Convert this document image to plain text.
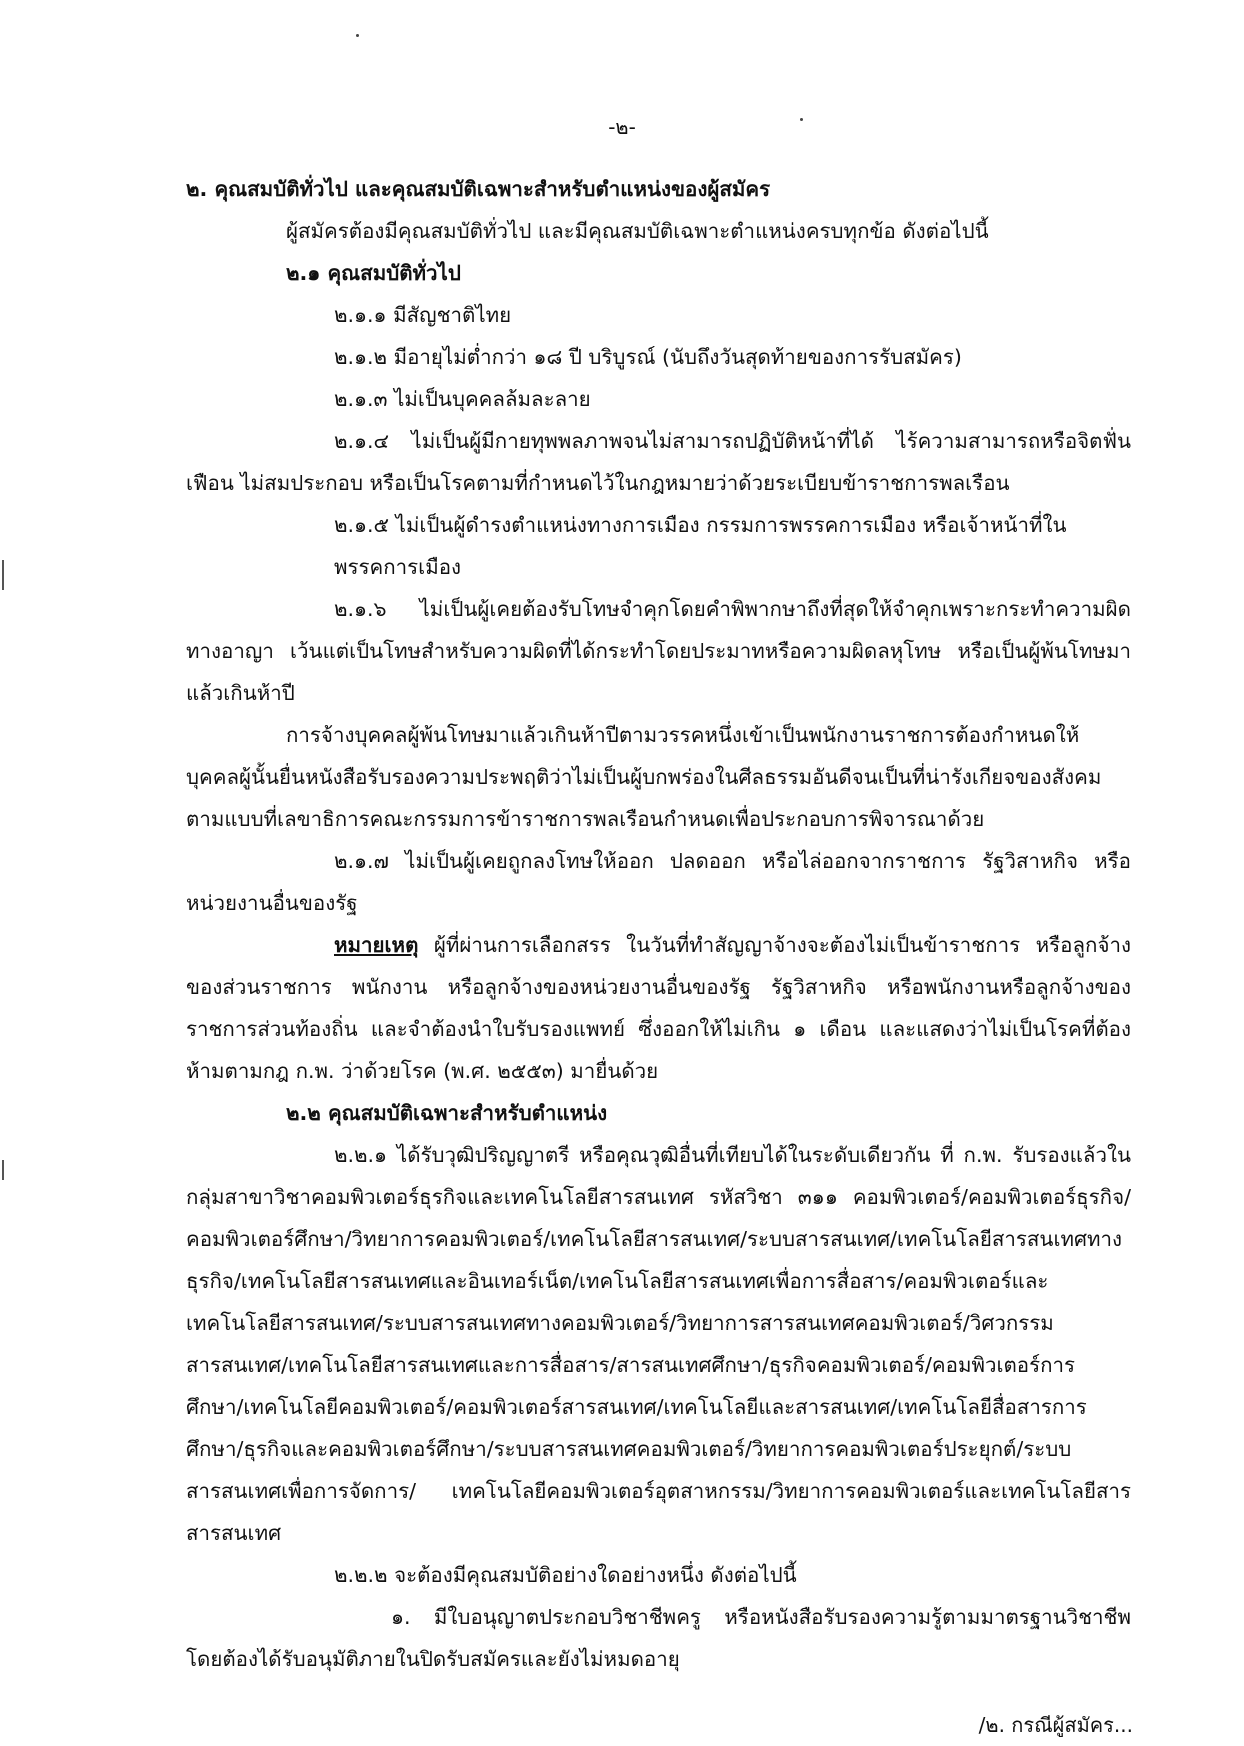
-๒-

๒. คุณสมบัติทั่วไป และคุณสมบัติเฉพาะสำหรับตำแหน่งของผู้สมัคร

ผู้สมัครต้องมีคุณสมบัติทั่วไป และมีคุณสมบัติเฉพาะตำแหน่งครบทุกข้อ ดังต่อไปนี้

๒.๑ คุณสมบัติทั่วไป

๒.๑.๑ มีสัญชาติไทย

๒.๑.๒ มีอายุไม่ต่ำกว่า ๑๘ ปี บริบูรณ์ (นับถึงวันสุดท้ายของการรับสมัคร)

๒.๑.๓ ไม่เป็นบุคคลล้มละลาย

๒.๑.๔ ไม่เป็นผู้มีกายทุพพลภาพจนไม่สามารถปฏิบัติหน้าที่ได้ ไร้ความสามารถหรือจิตฟั่นเฟือน ไม่สมประกอบ หรือเป็นโรคตามที่กำหนดไว้ในกฎหมายว่าด้วยระเบียบข้าราชการพลเรือน

๒.๑.๕ ไม่เป็นผู้ดำรงตำแหน่งทางการเมือง กรรมการพรรคการเมือง หรือเจ้าหน้าที่ในพรรคการเมือง

๒.๑.๖ ไม่เป็นผู้เคยต้องรับโทษจำคุกโดยคำพิพากษาถึงที่สุดให้จำคุกเพราะกระทำความผิดทางอาญา เว้นแต่เป็นโทษสำหรับความผิดที่ได้กระทำโดยประมาทหรือความผิดลหุโทษ หรือเป็นผู้พ้นโทษมาแล้วเกินห้าปี

การจ้างบุคคลผู้พ้นโทษมาแล้วเกินห้าปีตามวรรคหนึ่งเข้าเป็นพนักงานราชการต้องกำหนดให้บุคคลผู้นั้นยื่นหนังสือรับรองความประพฤติว่าไม่เป็นผู้บกพร่องในศีลธรรมอันดีจนเป็นที่น่ารังเกียจของสังคม ตามแบบที่เลขาธิการคณะกรรมการข้าราชการพลเรือนกำหนดเพื่อประกอบการพิจารณาด้วย

๒.๑.๗ ไม่เป็นผู้เคยถูกลงโทษให้ออก ปลดออก หรือไล่ออกจากราชการ รัฐวิสาหกิจ หรือหน่วยงานอื่นของรัฐ

หมายเหตุ ผู้ที่ผ่านการเลือกสรร ในวันที่ทำสัญญาจ้างจะต้องไม่เป็นข้าราชการ หรือลูกจ้างของส่วนราชการ พนักงาน หรือลูกจ้างของหน่วยงานอื่นของรัฐ รัฐวิสาหกิจ หรือพนักงานหรือลูกจ้างของราชการส่วนท้องถิ่น และจำต้องนำใบรับรองแพทย์ ซึ่งออกให้ไม่เกิน ๑ เดือน และแสดงว่าไม่เป็นโรคที่ต้องห้ามตามกฎ ก.พ. ว่าด้วยโรค (พ.ศ. ๒๕๕๓) มายื่นด้วย

๒.๒ คุณสมบัติเฉพาะสำหรับตำแหน่ง

๒.๒.๑ ได้รับวุฒิปริญญาตรี หรือคุณวุฒิอื่นที่เทียบได้ในระดับเดียวกัน ที่ ก.พ. รับรองแล้วในกลุ่มสาขาวิชาคอมพิวเตอร์ธุรกิจและเทคโนโลยีสารสนเทศ รหัสวิชา ๓๑๑ คอมพิวเตอร์/คอมพิวเตอร์ธุรกิจ/คอมพิวเตอร์ศึกษา/วิทยาการคอมพิวเตอร์/เทคโนโลยีสารสนเทศ/ระบบสารสนเทศ/เทคโนโลยีสารสนเทศทางธุรกิจ/เทคโนโลยีสารสนเทศและอินเทอร์เน็ต/เทคโนโลยีสารสนเทศเพื่อการสื่อสาร/คอมพิวเตอร์และเทคโนโลยีสารสนเทศ/ระบบสารสนเทศทางคอมพิวเตอร์/วิทยาการสารสนเทศคอมพิวเตอร์/วิศวกรรมสารสนเทศ/เทคโนโลยีสารสนเทศและการสื่อสาร/สารสนเทศศึกษา/ธุรกิจคอมพิวเตอร์/คอมพิวเตอร์การศึกษา/เทคโนโลยีคอมพิวเตอร์/คอมพิวเตอร์สารสนเทศ/เทคโนโลยีและสารสนเทศ/เทคโนโลยีสื่อสารการศึกษา/ธุรกิจและคอมพิวเตอร์ศึกษา/ระบบสารสนเทศคอมพิวเตอร์/วิทยาการคอมพิวเตอร์ประยุกต์/ระบบสารสนเทศเพื่อการจัดการ/ เทคโนโลยีคอมพิวเตอร์อุตสาหกรรม/วิทยาการคอมพิวเตอร์และเทคโนโลยีสารสารสนเทศ

๒.๒.๒ จะต้องมีคุณสมบัติอย่างใดอย่างหนึ่ง ดังต่อไปนี้

๑. มีใบอนุญาตประกอบวิชาชีพครู หรือหนังสือรับรองความรู้ตามมาตรฐานวิชาชีพโดยต้องได้รับอนุมัติภายในปิดรับสมัครและยังไม่หมดอายุ

/๒. กรณีผู้สมัคร...
